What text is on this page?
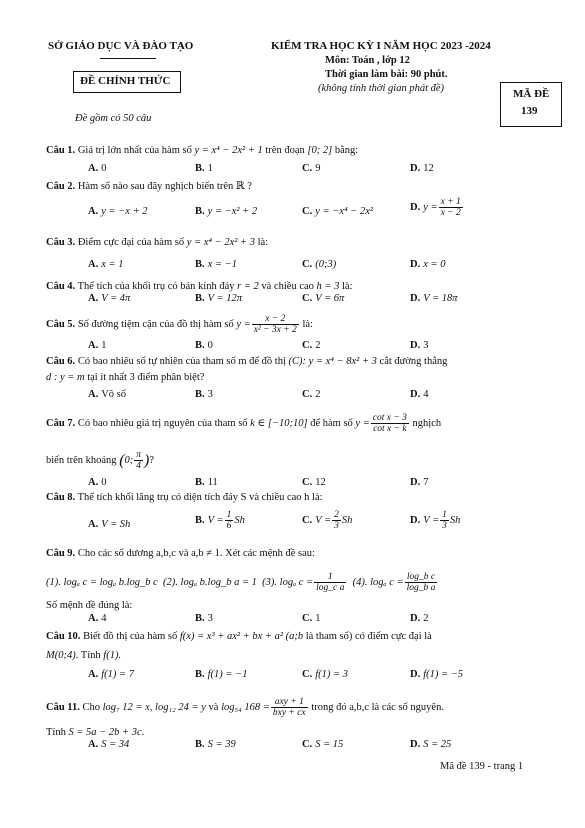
SỞ GIÁO DỤC VÀ ĐÀO TẠO
ĐỀ CHÍNH THỨC
Đề gồm có 50 câu
KIỂM TRA HỌC KỲ I NĂM HỌC 2023 -2024
Môn: Toán , lớp 12
Thời gian làm bài: 90 phút.
(không tính thời gian phát đề)	MÃ ĐỀ
139
Câu 1. Giá trị lớn nhất của hàm số y = x⁴ − 2x² + 1 trên đoạn [0; 2] bằng:
A. 0	B. 1	C. 9	D. 12
Câu 2. Hàm số nào sau đây nghịch biến trên ℝ ?
A. y = −x + 2	B. y = −x² + 2	C. y = −x⁴ − 2x²	D. $y = \frac{x + 1}{x - 2}$
Câu 3. Điểm cực đại của hàm số y = x⁴ − 2x² + 3 là:
A. x = 1	B. x = −1	C. (0;3)	D. x = 0
Câu 4. Thể tích của khối trụ có bán kính đáy r = 2 và chiều cao h = 3 là:
A. V = 4π	B. V = 12π	C. V = 6π	D. V = 18π
Câu 5. Số đường tiệm cận của đồ thị hàm số $y = \frac{x - 2}{\text{x² − 3x + 2}}$ là:
A. 1	B. 0	C. 2	D. 3
Câu 6. Có bao nhiêu số tự nhiên của tham số m để đồ thị (C): y = x⁴ − 8x² + 3 cắt đường thẳng
d : y = m tại ít nhất 3 điểm phân biệt?
A. Vô số	B. 3	C. 2	D. 4
Câu 7. Có bao nhiêu giá trị nguyên của tham số k ∈ [−10;10] để hàm số $y = \frac{\text{cot x − 3}}{\text{cot x − k}}$ nghịch
biến trên khoảng (0; $\frac{\pi}{4}$ )?
A. 0	B. 11	C. 12	D. 7
Câu 8. Thể tích khối lăng trụ có diện tích đáy S và chiều cao h là:
A. V = Sh	B. $V = \frac{1}{6}$ Sh	C. $V = \frac{2}{3}$ Sh	D. $V = \frac{1}{3}$ Sh
Câu 9. Cho các số dương a,b,c và a,b ≠ 1. Xét các mệnh đề sau:
(1). logₐ c = logₐ b.log_b c (2). logₐ b.log_b a = 1 (3). logₐ $c = \frac{1}{\text{log\_c a}} (4)$. logₐ $c = \frac{\text{log\_b c}}{\text{log\_b a}}$
Số mệnh đề đúng là:
A. 4	B. 3	C. 1	D. 2
Câu 10. Biết đồ thị của hàm số f(x) = x³ + ax² + bx + a² (a;b là tham số) có điểm cực đại là
M(0;4). Tính f(1).
A. f(1) = 7	B. f(1) = −1	C. f(1) = 3	D. f(1) = −5
Câu 11. Cho log₇ 12 = x, log₁₂ 24 = y và log₅₄ $168 = \frac{\text{axy + 1}}{\text{bxy + cx}}$ trong đó a,b,c là các số nguyên.
Tính S = 5a − 2b + 3c.
A. S = 34	B. S = 39	C. S = 15	D. S = 25
Mã đề 139 - trang 1
